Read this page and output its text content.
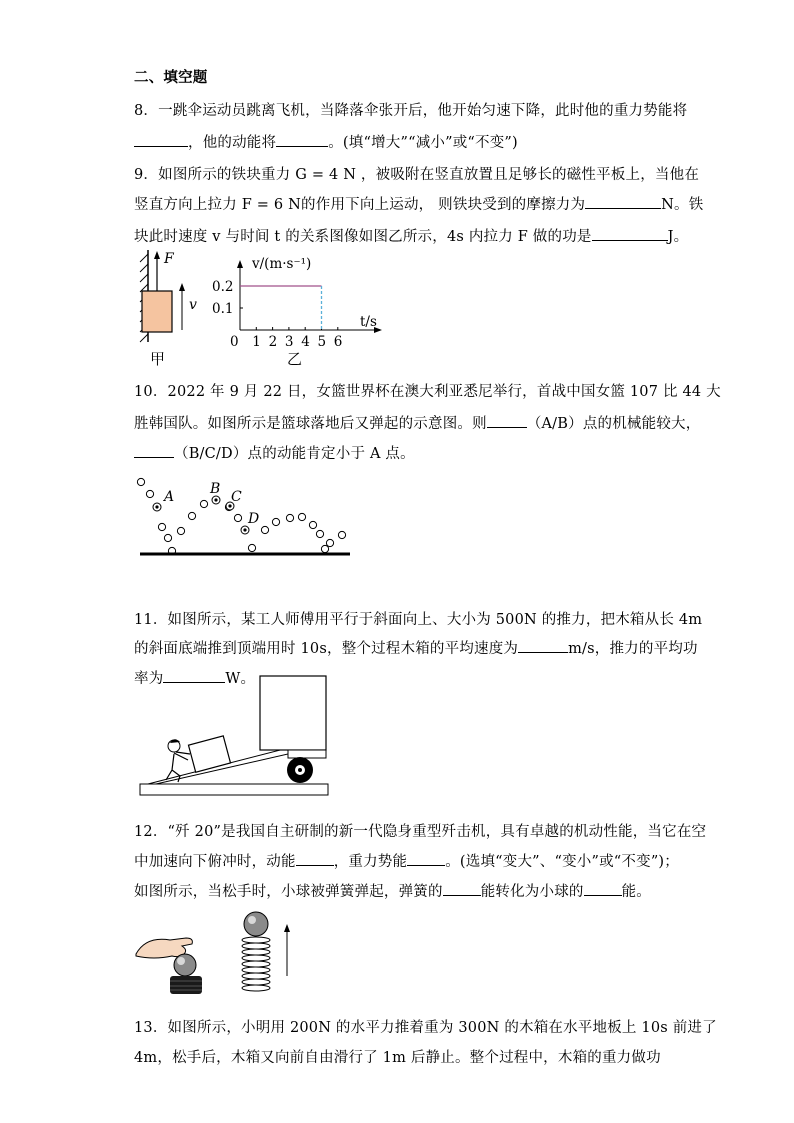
二、填空题
8．一跳伞运动员跳离飞机，当降落伞张开后，他开始匀速下降，此时他的重力势能将
，他的动能将	。(填“增大”“减小”或“不变”)
9．如图所示的铁块重力 G = 4 N ，被吸附在竖直放置且足够长的磁性平板上，当他在
竖直方向上拉力 F = 6 N的作用下向上运动， 则铁块受到的摩擦力为	N。铁
块此时速度 v 与时间 t 的关系图像如图乙所示，4s 内拉力 F 做的功是	J。
F
v
甲
0 1 2 3 4 5 6
0.1
0.2
v/(m·s⁻¹)
t/s
乙
10．2022 年 9 月 22 日，女篮世界杯在澳大利亚悉尼举行，首战中国女篮 107 比 44 大
胜韩国队。如图所示是篮球落地后又弹起的示意图。则	（A/B）点的机械能较大，
（B/C/D）点的动能肯定小于 A 点。
A	B C
D
11．如图所示，某工人师傅用平行于斜面向上、大小为 500N 的推力，把木箱从长 4m
的斜面底端推到顶端用时 10s，整个过程木箱的平均速度为	m/s，推力的平均功
率为	W。
12．“歼 20”是我国自主研制的新一代隐身重型歼击机，具有卓越的机动性能，当它在空
中加速向下俯冲时，动能	，重力势能	。(选填“变大”、“变小”或“不变”)；
如图所示，当松手时，小球被弹簧弹起，弹簧的	能转化为小球的	能。
13．如图所示，小明用 200N 的水平力推着重为 300N 的木箱在水平地板上 10s 前进了
4m，松手后，木箱又向前自由滑行了 1m 后静止。整个过程中，木箱的重力做功
